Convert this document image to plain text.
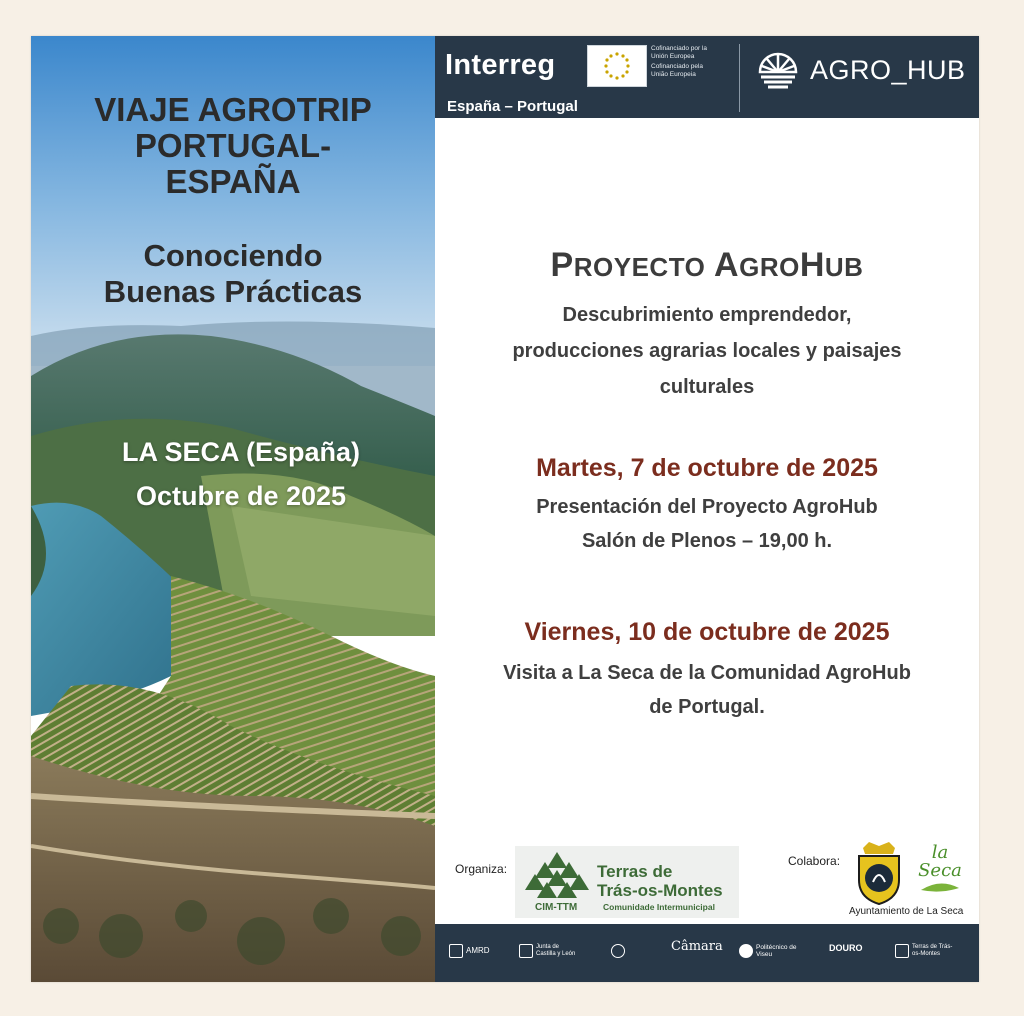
VIAJE AGROTRIP
PORTUGAL-
ESPAÑA
Conociendo
Buenas Prácticas
LA SECA (España)
Octubre de 2025
Interreg
Cofinanciado por la Unión Europea
Cofinanciado pela União Europeia
España – Portugal
AGRO_HUB
PROYECTO AGROHUB
Descubrimiento emprendedor,
producciones agrarias locales y paisajes
culturales
Martes, 7 de octubre de 2025
Presentación del Proyecto AgroHub
Salón de Plenos – 19,00 h.
Viernes, 10 de octubre de 2025
Visita a La Seca de la Comunidad AgroHub
de Portugal.
Organiza:	Terras de
Trás-os-Montes
CIM-TTM	Comunidade Intermunicipal
Colabora:	la
Seca
Ayuntamiento de La Seca
AMRD	Junta de Castilla y León	Câmara	Politécnico de Viseu
DOURO	Terras de Trás-os-Montes
